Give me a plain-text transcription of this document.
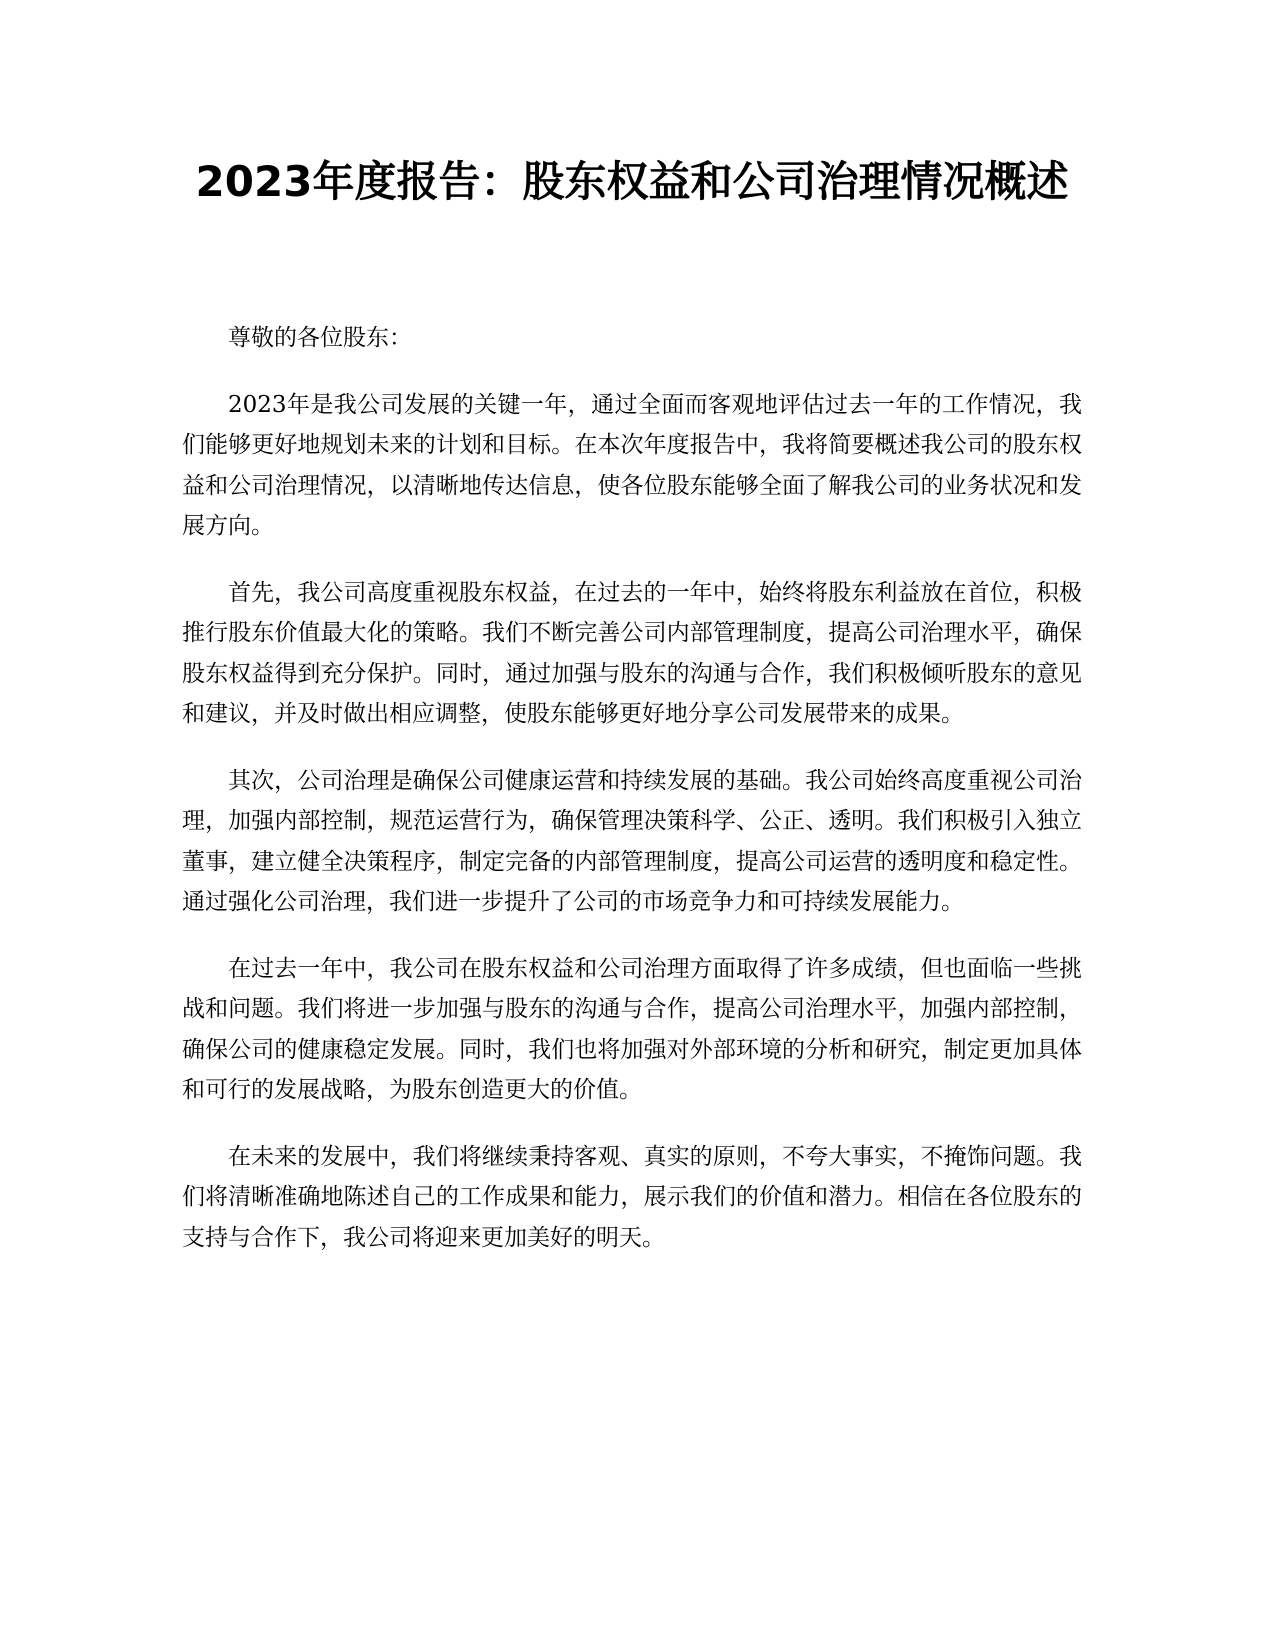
2023年度报告：股东权益和公司治理情况概述

尊敬的各位股东：

2023年是我公司发展的关键一年，通过全面而客观地评估过去一年的工作情况，我们能够更好地规划未来的计划和目标。在本次年度报告中，我将简要概述我公司的股东权益和公司治理情况，以清晰地传达信息，使各位股东能够全面了解我公司的业务状况和发展方向。

首先，我公司高度重视股东权益，在过去的一年中，始终将股东利益放在首位，积极推行股东价值最大化的策略。我们不断完善公司内部管理制度，提高公司治理水平，确保股东权益得到充分保护。同时，通过加强与股东的沟通与合作，我们积极倾听股东的意见和建议，并及时做出相应调整，使股东能够更好地分享公司发展带来的成果。

其次，公司治理是确保公司健康运营和持续发展的基础。我公司始终高度重视公司治理，加强内部控制，规范运营行为，确保管理决策科学、公正、透明。我们积极引入独立董事，建立健全决策程序，制定完备的内部管理制度，提高公司运营的透明度和稳定性。通过强化公司治理，我们进一步提升了公司的市场竞争力和可持续发展能力。

在过去一年中，我公司在股东权益和公司治理方面取得了许多成绩，但也面临一些挑战和问题。我们将进一步加强与股东的沟通与合作，提高公司治理水平，加强内部控制，确保公司的健康稳定发展。同时，我们也将加强对外部环境的分析和研究，制定更加具体和可行的发展战略，为股东创造更大的价值。

在未来的发展中，我们将继续秉持客观、真实的原则，不夸大事实，不掩饰问题。我们将清晰准确地陈述自己的工作成果和能力，展示我们的价值和潜力。相信在各位股东的支持与合作下，我公司将迎来更加美好的明天。
